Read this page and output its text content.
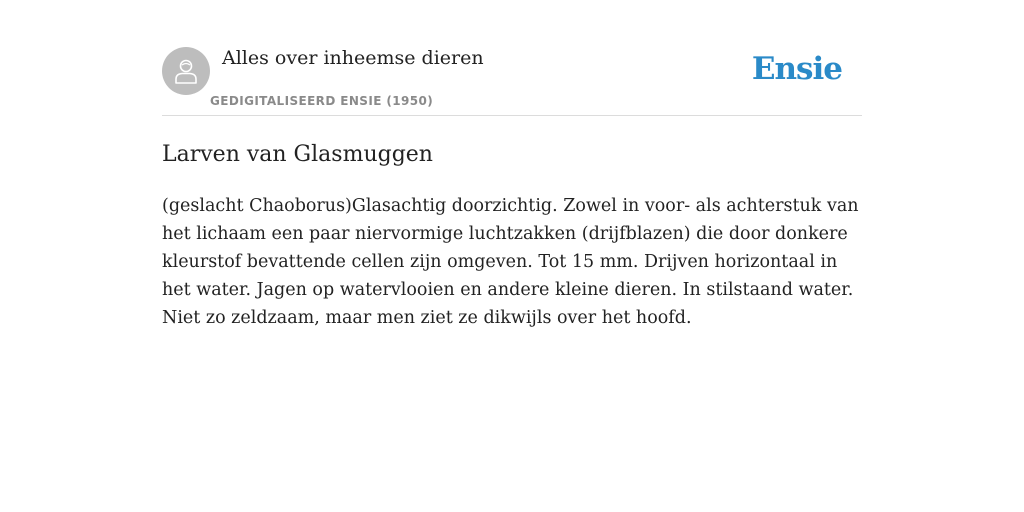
Alles over inheemse dieren
GEDIGITALISEERD ENSIE (1950)
Ensie
Larven van Glasmuggen

(geslacht Chaoborus)Glasachtig doorzichtig. Zowel in voor- als achterstuk van het lichaam een paar niervormige luchtzakken (drijfblazen) die door donkere kleurstof bevattende cellen zijn omgeven. Tot 15 mm. Drijven horizontaal in het water. Jagen op watervlooien en andere kleine dieren. In stilstaand water. Niet zo zeldzaam, maar men ziet ze dikwijls over het hoofd.
